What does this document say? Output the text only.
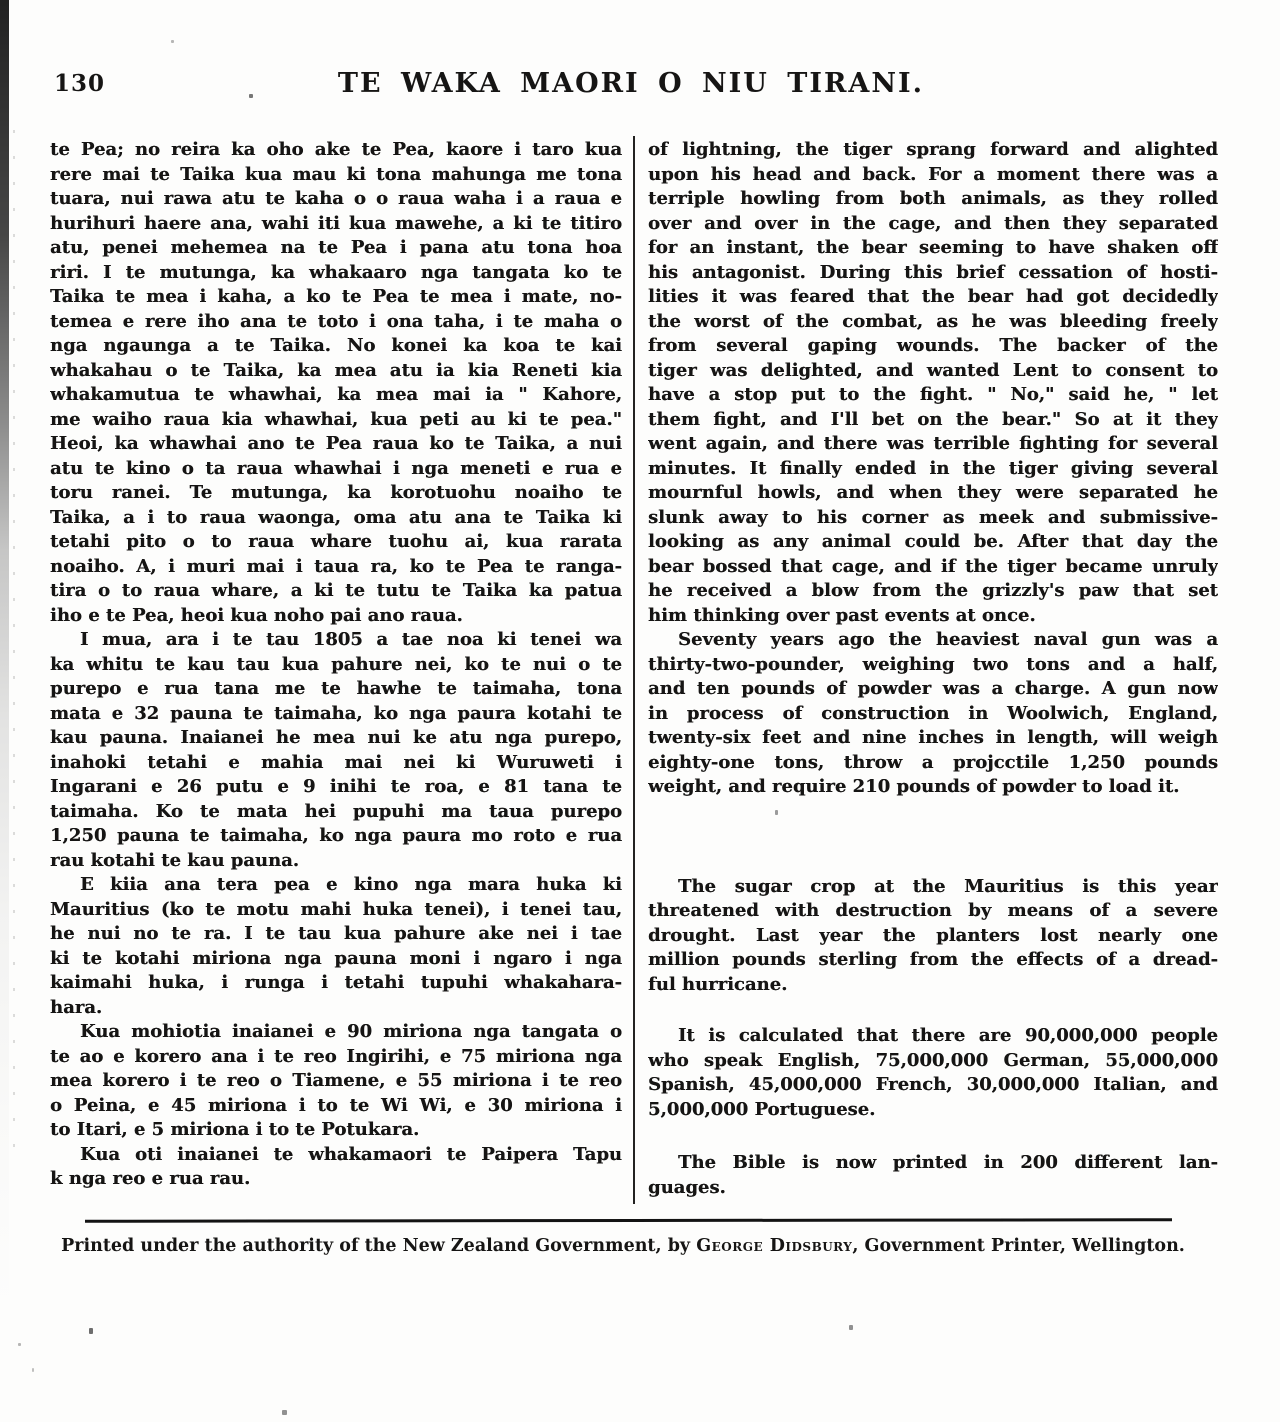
130	TE WAKA MAORI O NIU TIRANI.
te Pea; no reira ka oho ake te Pea, kaore i taro kua
rere mai te Taika kua mau ki tona mahunga me tona
tuara, nui rawa atu te kaha o o raua waha i a raua e
hurihuri haere ana, wahi iti kua mawehe, a ki te titiro
atu, penei mehemea na te Pea i pana atu tona hoa
riri. I te mutunga, ka whakaaro nga tangata ko te
Taika te mea i kaha, a ko te Pea te mea i mate, no-
temea e rere iho ana te toto i ona taha, i te maha o
nga ngaunga a te Taika. No konei ka koa te kai
whakahau o te Taika, ka mea atu ia kia Reneti kia
whakamutua te whawhai, ka mea mai ia " Kahore,
me waiho raua kia whawhai, kua peti au ki te pea."
Heoi, ka whawhai ano te Pea raua ko te Taika, a nui
atu te kino o ta raua whawhai i nga meneti e rua e
toru ranei. Te mutunga, ka korotuohu noaiho te
Taika, a i to raua waonga, oma atu ana te Taika ki
tetahi pito o to raua whare tuohu ai, kua rarata
noaiho. A, i muri mai i taua ra, ko te Pea te ranga-
tira o to raua whare, a ki te tutu te Taika ka patua
iho e te Pea, heoi kua noho pai ano raua.
I mua, ara i te tau 1805 a tae noa ki tenei wa
ka whitu te kau tau kua pahure nei, ko te nui o te
purepo e rua tana me te hawhe te taimaha, tona
mata e 32 pauna te taimaha, ko nga paura kotahi te
kau pauna. Inaianei he mea nui ke atu nga purepo,
inahoki tetahi e mahia mai nei ki Wuruweti i
Ingarani e 26 putu e 9 inihi te roa, e 81 tana te
taimaha. Ko te mata hei pupuhi ma taua purepo
1,250 pauna te taimaha, ko nga paura mo roto e rua
rau kotahi te kau pauna.
E kiia ana tera pea e kino nga mara huka ki
Mauritius (ko te motu mahi huka tenei), i tenei tau,
he nui no te ra. I te tau kua pahure ake nei i tae
ki te kotahi miriona nga pauna moni i ngaro i nga
kaimahi huka, i runga i tetahi tupuhi whakahara-
hara.
Kua mohiotia inaianei e 90 miriona nga tangata o
te ao e korero ana i te reo Ingirihi, e 75 miriona nga
mea korero i te reo o Tiamene, e 55 miriona i te reo
o Peina, e 45 miriona i to te Wi Wi, e 30 miriona i
to Itari, e 5 miriona i to te Potukara.
Kua oti inaianei te whakamaori te Paipera Tapu
k nga reo e rua rau.
of lightning, the tiger sprang forward and alighted
upon his head and back. For a moment there was a
terriple howling from both animals, as they rolled
over and over in the cage, and then they separated
for an instant, the bear seeming to have shaken off
his antagonist. During this brief cessation of hosti-
lities it was feared that the bear had got decidedly
the worst of the combat, as he was bleeding freely
from several gaping wounds. The backer of the
tiger was delighted, and wanted Lent to consent to
have a stop put to the fight. " No," said he, " let
them fight, and I'll bet on the bear." So at it they
went again, and there was terrible fighting for several
minutes. It finally ended in the tiger giving several
mournful howls, and when they were separated he
slunk away to his corner as meek and submissive-
looking as any animal could be. After that day the
bear bossed that cage, and if the tiger became unruly
he received a blow from the grizzly's paw that set
him thinking over past events at once.
Seventy years ago the heaviest naval gun was a
thirty-two-pounder, weighing two tons and a half,
and ten pounds of powder was a charge. A gun now
in process of construction in Woolwich, England,
twenty-six feet and nine inches in length, will weigh
eighty-one tons, throw a projcctile 1,250 pounds
weight, and require 210 pounds of powder to load it.
The sugar crop at the Mauritius is this year
threatened with destruction by means of a severe
drought. Last year the planters lost nearly one
million pounds sterling from the effects of a dread-
ful hurricane.
It is calculated that there are 90,000,000 people
who speak English, 75,000,000 German, 55,000,000
Spanish, 45,000,000 French, 30,000,000 Italian, and
5,000,000 Portuguese.
The Bible is now printed in 200 different lan-
guages.
Printed under the authority of the New Zealand Government, by George Didsbury, Government Printer, Wellington.
